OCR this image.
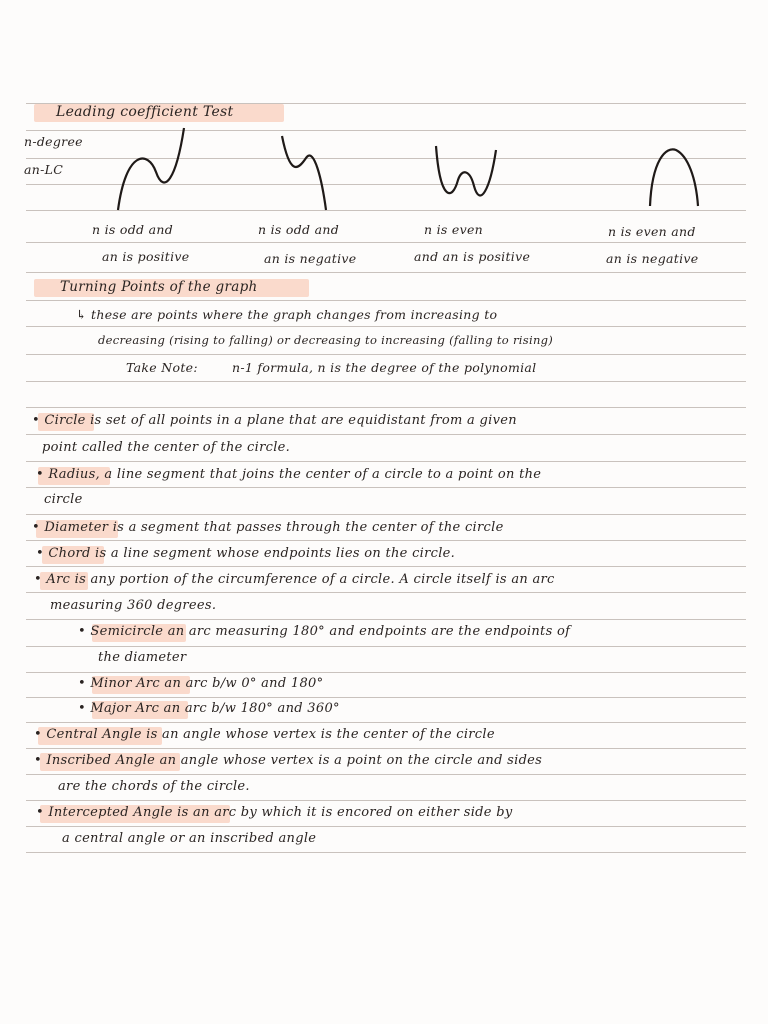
Leading coefficient Test
n-degree
an-LC
n is odd and
an is positive
n is odd and
an is negative
n is even
and an is positive
n is even and
an is negative
Turning Points of the graph
↳ these are points where the graph changes from increasing to
decreasing (rising to falling) or decreasing to increasing (falling to rising)
Take Note:	n-1 formula, n is the degree of the polynomial
• Circle is set of all points in a plane that are equidistant from a given
point called the center of the circle.
• Radius, a line segment that joins the center of a circle to a point on the
circle
• Diameter is a segment that passes through the center of the circle
• Chord is a line segment whose endpoints lies on the circle.
• Arc is any portion of the circumference of a circle. A circle itself is an arc
measuring 360 degrees.
• Semicircle an arc measuring 180° and endpoints are the endpoints of
the diameter
• Minor Arc an arc b/w 0° and 180°
• Major Arc an arc b/w 180° and 360°
• Central Angle is an angle whose vertex is the center of the circle
• Inscribed Angle an angle whose vertex is a point on the circle and sides
are the chords of the circle.
• Intercepted Angle is an arc by which it is encored on either side by
a central angle or an inscribed angle
